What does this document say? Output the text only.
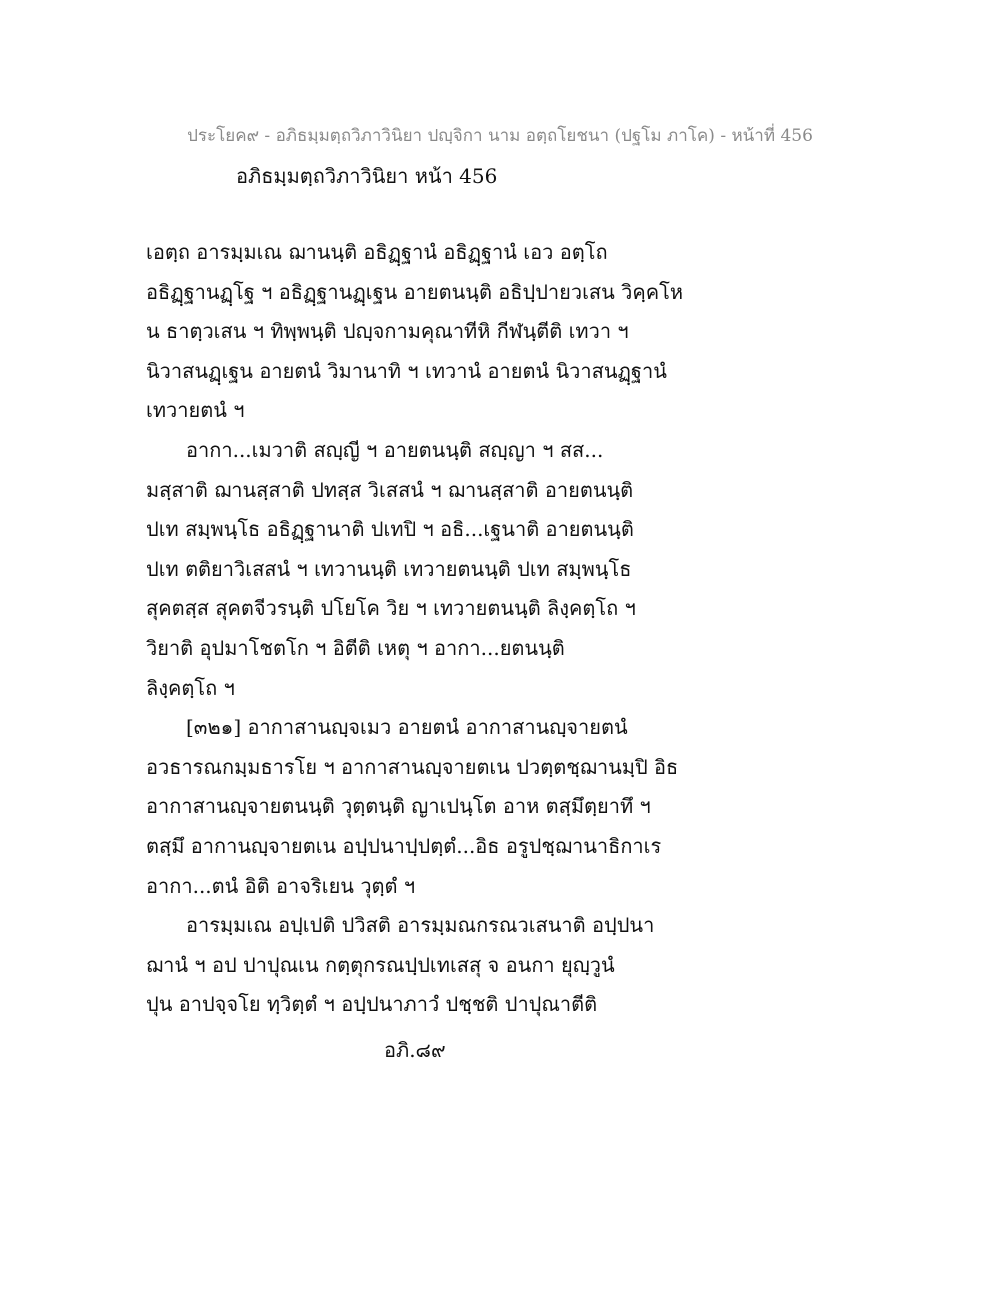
ประโยค๙ - อภิธมฺมตฺถวิภาวินิยา ปญฺจิกา นาม อตฺถโยชนา (ปฐโม ภาโค) - หน้าที่ 456
อภิธมฺมตฺถวิภาวินิยา หน้า 456
เอตฺถ อารมฺมเณ ฌานนฺติ อธิฏฺฐานํ อธิฏฺฐานํ เอว อตฺโถ
อธิฏฺฐานฏฺโฐ ฯ อธิฏฺฐานฏฺเฐน อายตนนฺติ อธิปฺปายวเสน วิคฺคโห
น ธาตฺวเสน ฯ ทิพฺพนฺติ ปญฺจกามคุณาทีหิ กีฬนฺตีติ เทวา ฯ
นิวาสนฏฺเฐน อายตนํ วิมานาทิ ฯ เทวานํ อายตนํ นิวาสนฏฺฐานํ
เทวายตนํ ฯ
อากา...เมวาติ สญฺญี ฯ อายตนนฺติ สญฺญา ฯ สส...
มสฺสาติ ฌานสฺสาติ ปทสฺส วิเสสนํ ฯ ฌานสฺสาติ อายตนนฺติ
ปเท สมฺพนฺโธ อธิฏฺฐานาติ ปเทปิ ฯ อธิ...เฐนาติ อายตนนฺติ
ปเท ตติยาวิเสสนํ ฯ เทวานนฺติ เทวายตนนฺติ ปเท สมฺพนฺโธ
สุคตสฺส สุคตจีวรนฺติ ปโยโค วิย ฯ เทวายตนนฺติ ลิงฺคตฺโถ ฯ
วิยาติ อุปมาโชตโก ฯ อิตีติ เหตุ ฯ อากา...ยตนนฺติ
ลิงฺคตฺโถ ฯ
[๓๒๑] อากาสานญฺจเมว อายตนํ อากาสานญฺจายตนํ
อวธารณกมฺมธารโย ฯ อากาสานญฺจายตเน ปวตฺตชฺฌานมฺปิ อิธ
อากาสานญฺจายตนนฺติ วุตฺตนฺติ ญาเปนฺโต อาห ตสฺมึตฺยาทึ ฯ
ตสฺมึ อากานญฺจายตเน อปฺปนาปฺปตฺตํ...อิธ อรูปชฺฌานาธิกาเร
อากา...ตนํ อิติ อาจริเยน วุตฺตํ ฯ
อารมฺมเณ อปฺเปติ ปวิสติ อารมฺมณกรณวเสนาติ อปฺปนา
ฌานํ ฯ อป ปาปุณเน กตฺตุกรณปฺปเทเสสุ จ อนกา ยุญฺวูนํ
ปุน อาปจฺจโย ทฺวิตฺตํ ฯ อปฺปนาภาวํ ปชฺชติ ปาปุณาตีติ
อภิ.๘๙
